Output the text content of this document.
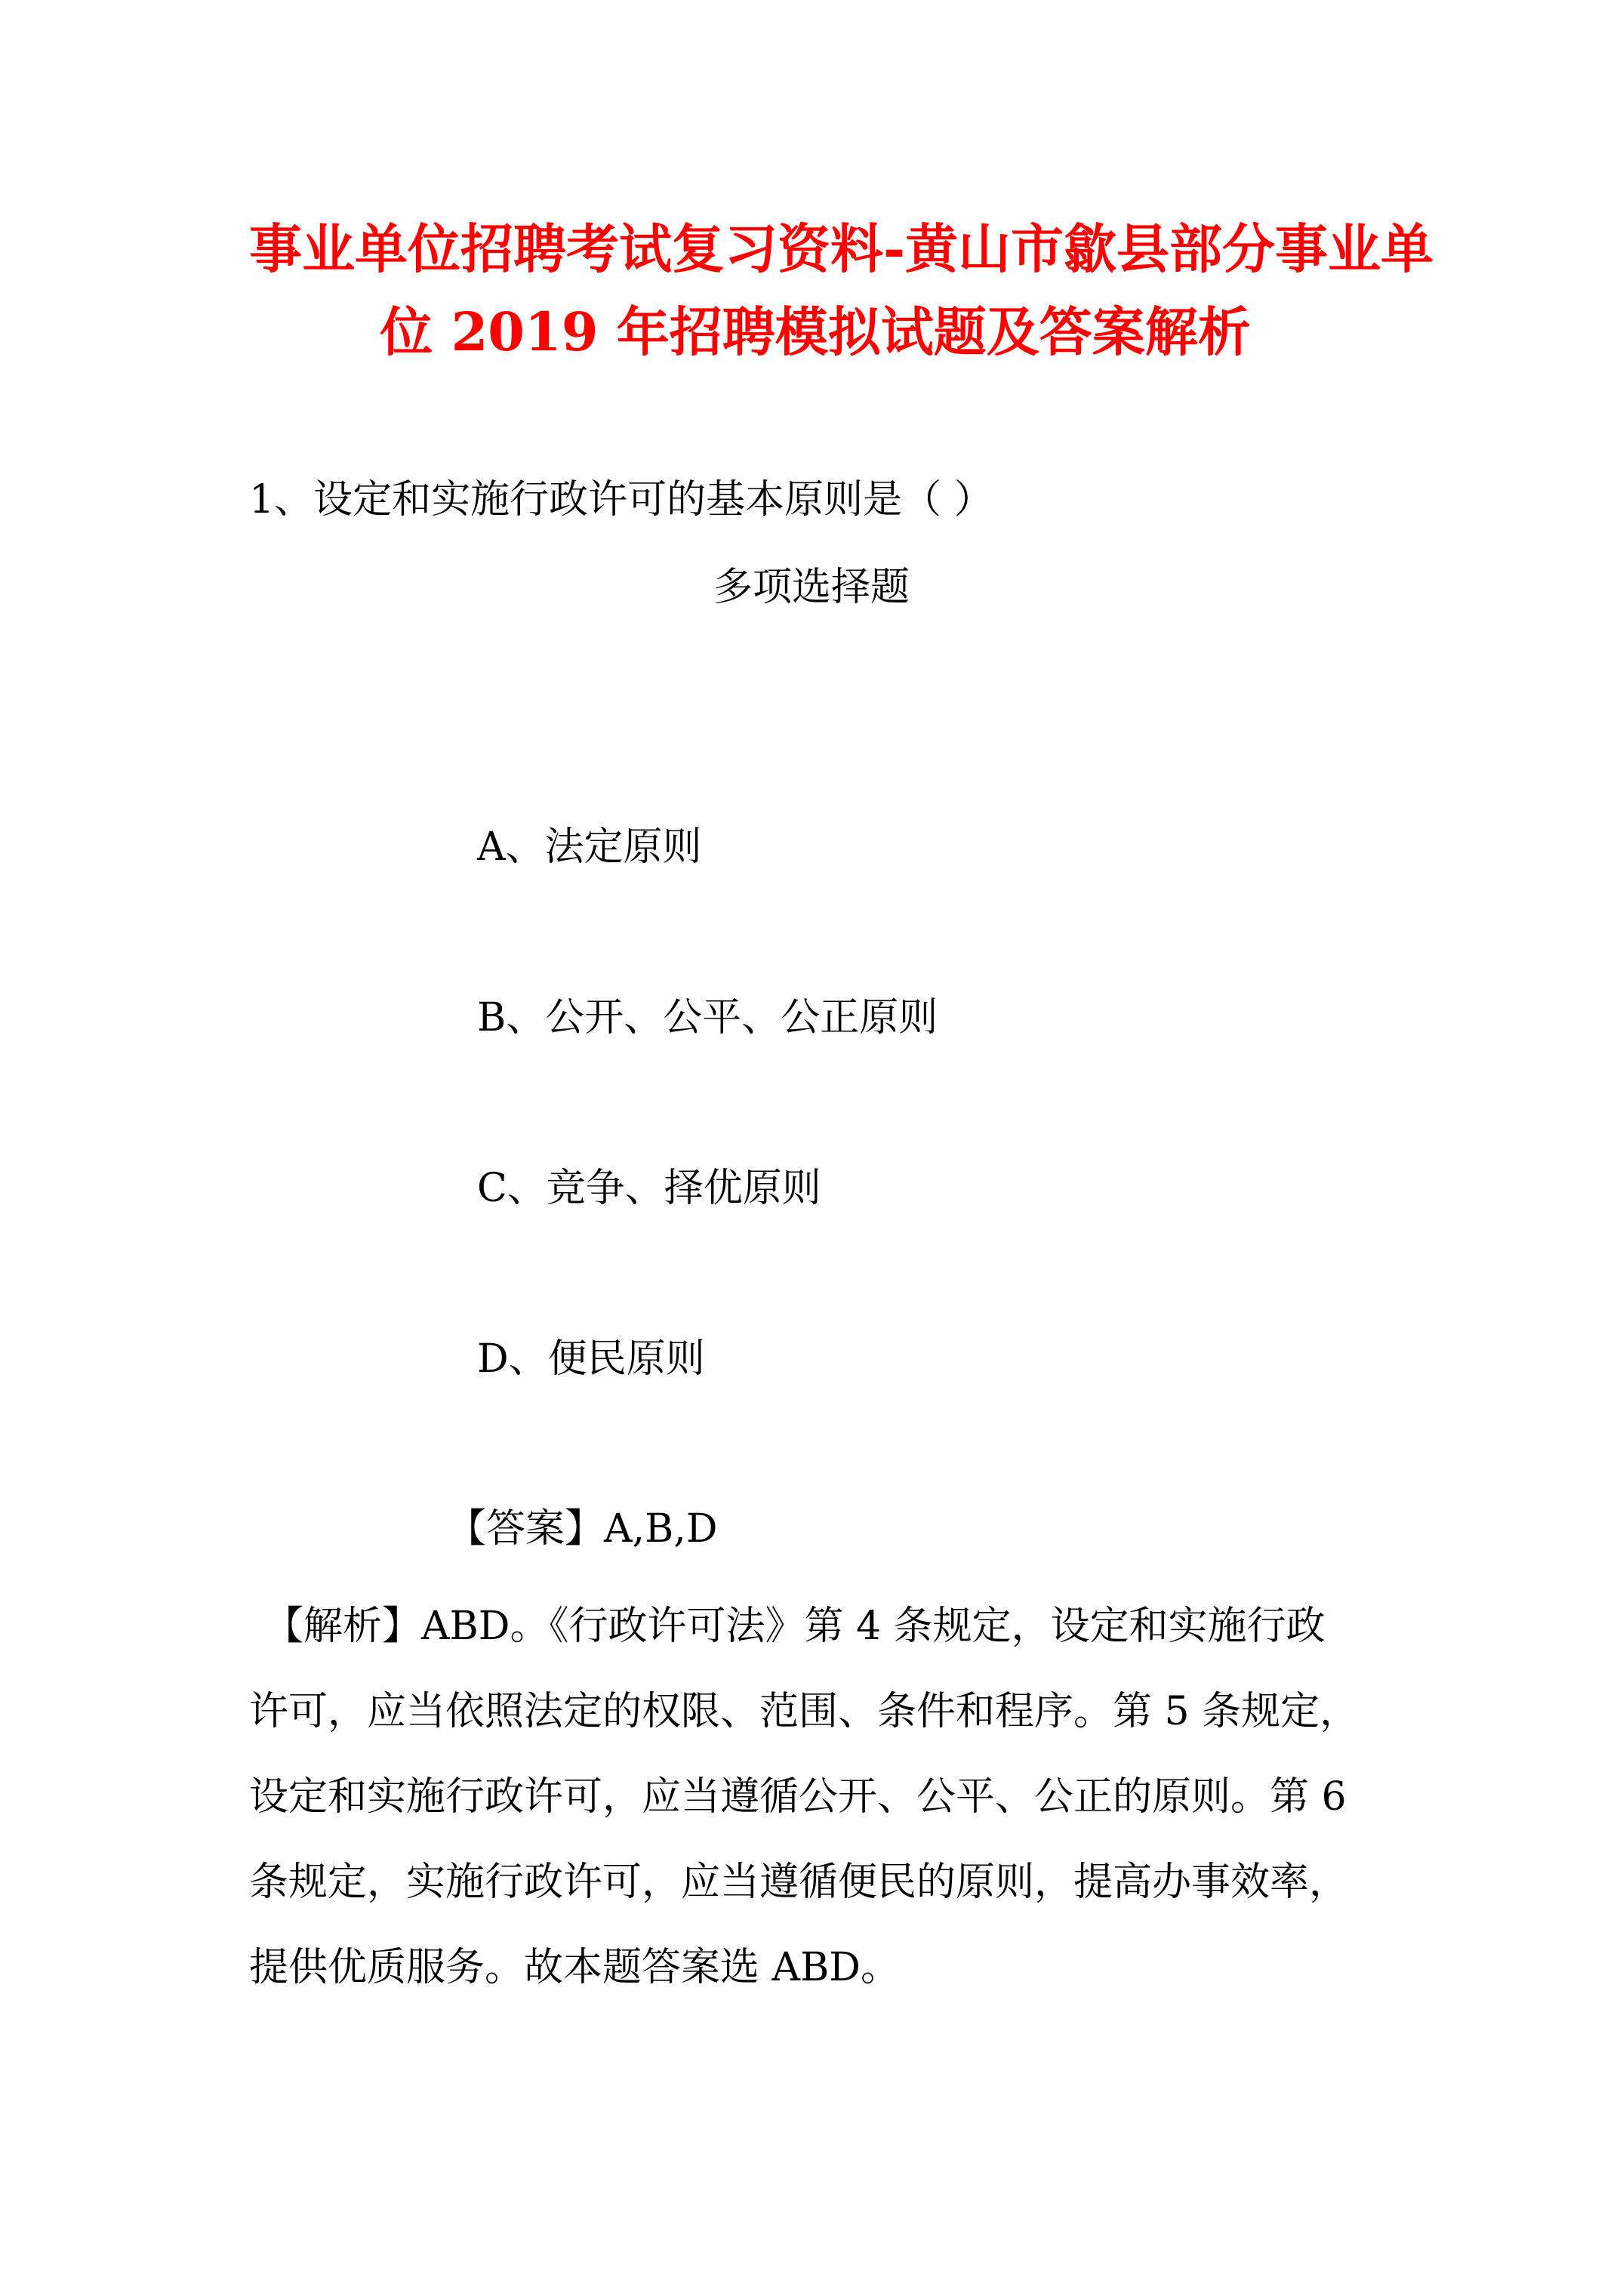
事业单位招聘考试复习资料-黄山市歙县部分事业单
位 2019 年招聘模拟试题及答案解析
1、设定和实施行政许可的基本原则是（ ）
多项选择题
A、法定原则
B、公开、公平、公正原则
C、竞争、择优原则
D、便民原则
【答案】A,B,D
【解析】ABD。《行政许可法》第 4 条规定，设定和实施行政
许可，应当依照法定的权限、范围、条件和程序。第 5 条规定，
设定和实施行政许可，应当遵循公开、公平、公正的原则。第 6
条规定，实施行政许可，应当遵循便民的原则，提高办事效率，
提供优质服务。故本题答案选 ABD。
